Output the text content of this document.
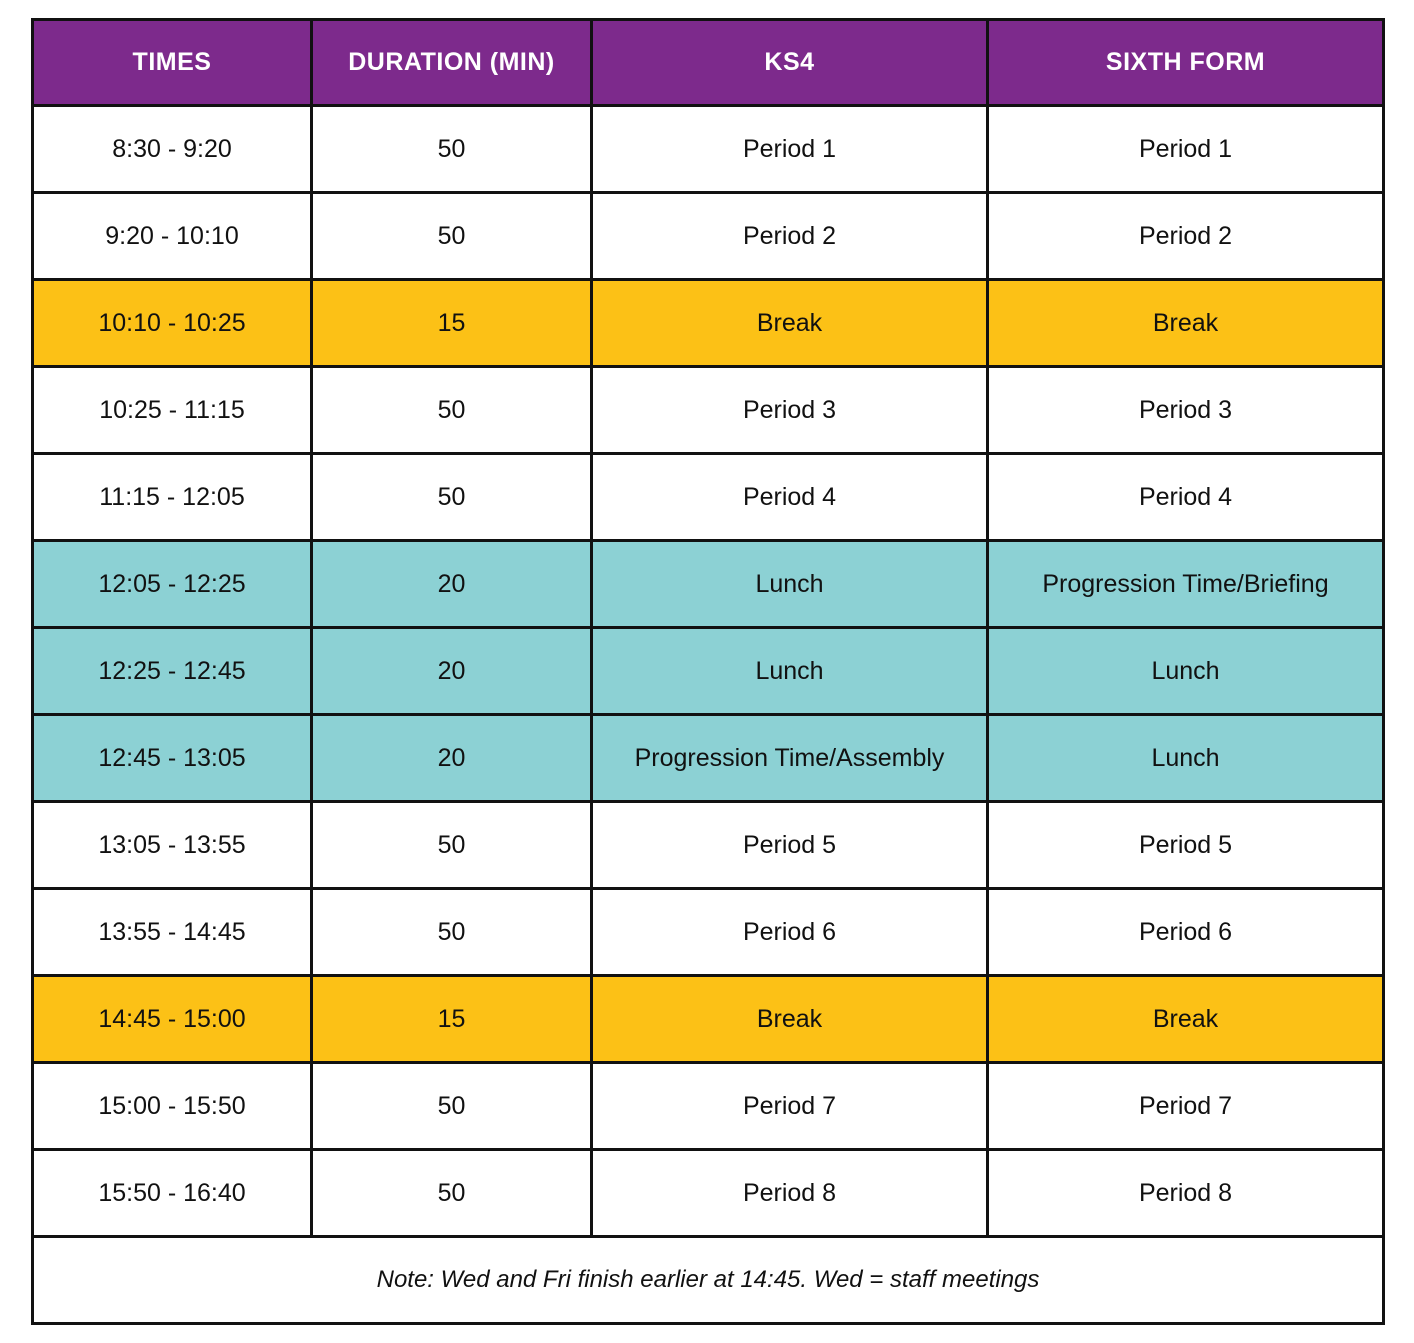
TIMES	DURATION (MIN)	KS4	SIXTH FORM
8:30 - 9:20	50	Period 1	Period 1
9:20 - 10:10	50	Period 2	Period 2
10:10 - 10:25	15	Break	Break
10:25 - 11:15	50	Period 3	Period 3
11:15 - 12:05	50	Period 4	Period 4
12:05 - 12:25	20	Lunch	Progression Time/Briefing
12:25 - 12:45	20	Lunch	Lunch
12:45 - 13:05	20	Progression Time/Assembly	Lunch
13:05 - 13:55	50	Period 5	Period 5
13:55 - 14:45	50	Period 6	Period 6
14:45 - 15:00	15	Break	Break
15:00 - 15:50	50	Period 7	Period 7
15:50 - 16:40	50	Period 8	Period 8
Note: Wed and Fri finish earlier at 14:45. Wed = staff meetings			
